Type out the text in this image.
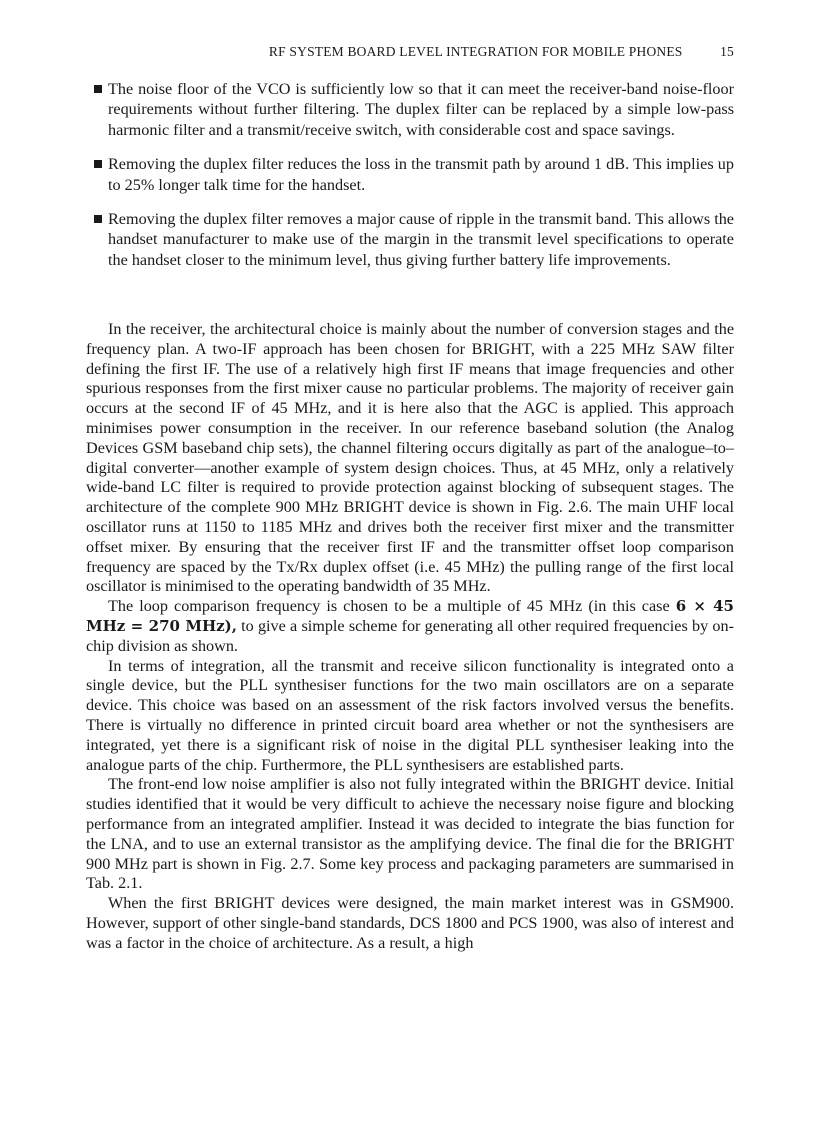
RF SYSTEM BOARD LEVEL INTEGRATION FOR MOBILE PHONES	15
The noise floor of the VCO is sufficiently low so that it can meet the receiver-band noise-floor requirements without further filtering. The duplex filter can be replaced by a simple low-pass harmonic filter and a transmit/receive switch, with considerable cost and space savings.
Removing the duplex filter reduces the loss in the transmit path by around 1 dB. This implies up to 25% longer talk time for the handset.
Removing the duplex filter removes a major cause of ripple in the transmit band. This allows the handset manufacturer to make use of the margin in the transmit level specifications to operate the handset closer to the minimum level, thus giving further battery life improvements.

In the receiver, the architectural choice is mainly about the number of conversion stages and the frequency plan. A two-IF approach has been chosen for BRIGHT, with a 225 MHz SAW filter defining the first IF. The use of a relatively high first IF means that image frequencies and other spurious responses from the first mixer cause no particular problems. The majority of receiver gain occurs at the second IF of 45 MHz, and it is here also that the AGC is applied. This approach minimises power consumption in the receiver. In our reference baseband solution (the Analog Devices GSM baseband chip sets), the channel filtering occurs digitally as part of the analogue–to–digital converter—another example of system design choices. Thus, at 45 MHz, only a relatively wide-band LC filter is required to provide protection against blocking of subsequent stages. The architecture of the complete 900 MHz BRIGHT device is shown in Fig. 2.6. The main UHF local oscillator runs at 1150 to 1185 MHz and drives both the receiver first mixer and the transmitter offset mixer. By ensuring that the receiver first IF and the transmitter offset loop comparison frequency are spaced by the Tx/Rx duplex offset (i.e. 45 MHz) the pulling range of the first local oscillator is minimised to the operating bandwidth of 35 MHz.

The loop comparison frequency is chosen to be a multiple of 45 MHz (in this case 6 × 45 MHz = 270 MHz), to give a simple scheme for generating all other required frequencies by on-chip division as shown.

In terms of integration, all the transmit and receive silicon functionality is integrated onto a single device, but the PLL synthesiser functions for the two main oscillators are on a separate device. This choice was based on an assessment of the risk factors involved versus the benefits. There is virtually no difference in printed circuit board area whether or not the synthesisers are integrated, yet there is a significant risk of noise in the digital PLL synthesiser leaking into the analogue parts of the chip. Furthermore, the PLL synthesisers are established parts.

The front-end low noise amplifier is also not fully integrated within the BRIGHT device. Initial studies identified that it would be very difficult to achieve the necessary noise figure and blocking performance from an integrated amplifier. Instead it was decided to integrate the bias function for the LNA, and to use an external transistor as the amplifying device. The final die for the BRIGHT 900 MHz part is shown in Fig. 2.7. Some key process and packaging parameters are summarised in Tab. 2.1.

When the first BRIGHT devices were designed, the main market interest was in GSM900. However, support of other single-band standards, DCS 1800 and PCS 1900, was also of interest and was a factor in the choice of architecture. As a result, a high
